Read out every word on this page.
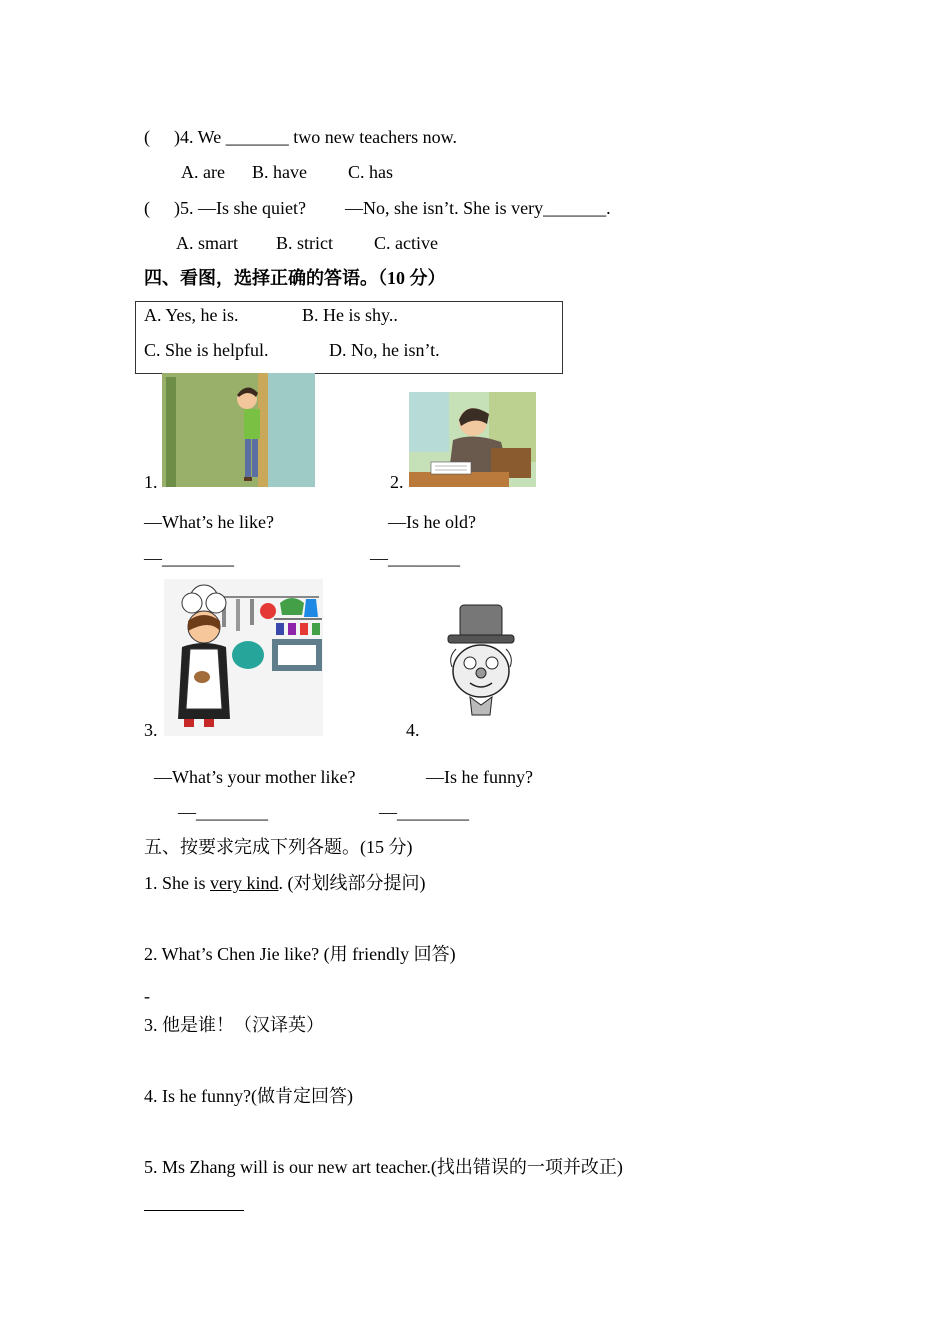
( )4. We _______ two new teachers now.
A. are B. have C. has
( )5. —Is she quiet? —No, she isn’t. She is very_______.
A. smart B. strict C. active
四、看图，选择正确的答语。（10 分）
A. Yes, he is.	B. He is shy..
C. She is helpful.	D. No, he isn’t.
1.	2.
—What’s he like?	—Is he old?
—________	—________
3.	4.
—What’s your mother like?	—Is he funny?
—________	—________
五、按要求完成下列各题。(15 分)
1. She is very kind. (对划线部分提问)
2. What’s Chen Jie like? (用 friendly 回答)
-
3. 他是谁！（汉译英）
4. Is he funny?(做肯定回答)
5. Ms Zhang will is our new art teacher.(找出错误的一项并改正)
